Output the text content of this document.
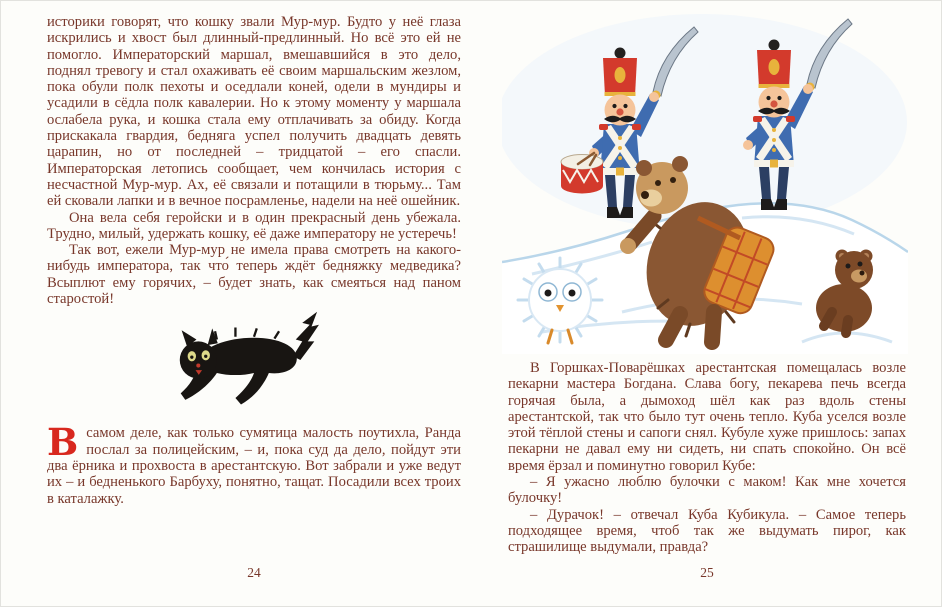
историки говорят, что кошку звали Мур-мур. Будто у неё глаза искрились и хвост был длинный-предлинный. Но всё это ей не помогло. Императорский маршал, вмешавшийся в это дело, поднял тревогу и стал охаживать её своим маршальским жезлом, пока обули полк пехоты и оседлали коней, одели в мундиры и усадили в сёдла полк кавалерии. Но к этому моменту у маршала ослабела рука, и кошка стала ему отплачивать за обиду. Когда прискакала гвардия, бедняга успел получить двадцать девять царапин, но от последней – тридцатой – его спасли. Императорская летопись сообщает, чем кончилась история с несчастной Мур-мур. Ах, её связали и потащили в тюрьму... Там ей сковали лапки и в вечное посрамленье, надели на неё ошейник.

Она вела себя геройски и в один прекрасный день убежала. Трудно, милый, удержать кошку, её даже императору не устеречь!

Так вот, ежели Мур-мур не имела права смотреть на какого-нибудь императора, так что́ теперь ждёт бедняжку медведика? Всыплют ему горячих, – будет знать, как смеяться над паном старостой!

Всамом деле, как только сумятица малость поутихла, Ранда послал за полицейским, – и, пока суд да дело, пойдут эти два ёрника и прохвоста в арестантскую. Вот забрали и уже ведут их – и бедненького Барбуху, понятно, тащат. Посадили всех троих в каталажку.

24

В Горшках-Поварёшках арестантская помещалась возле пекарни мастера Богдана. Слава богу, пекарева печь всегда горячая была, а дымоход шёл как раз вдоль стены арестантской, так что было тут очень тепло. Куба уселся возле этой тёплой стены и сапоги снял. Кубуле хуже пришлось: запах пекарни не давал ему ни сидеть, ни спать спокойно. Он всё время ёрзал и поминутно говорил Кубе:

– Я ужасно люблю булочки с маком! Как мне хочется булочку!

– Дурачок! – отвечал Куба Кубикула. – Самое теперь подходящее время, чтоб так же выдумать пирог, как страшилище выдумали, правда?

25
